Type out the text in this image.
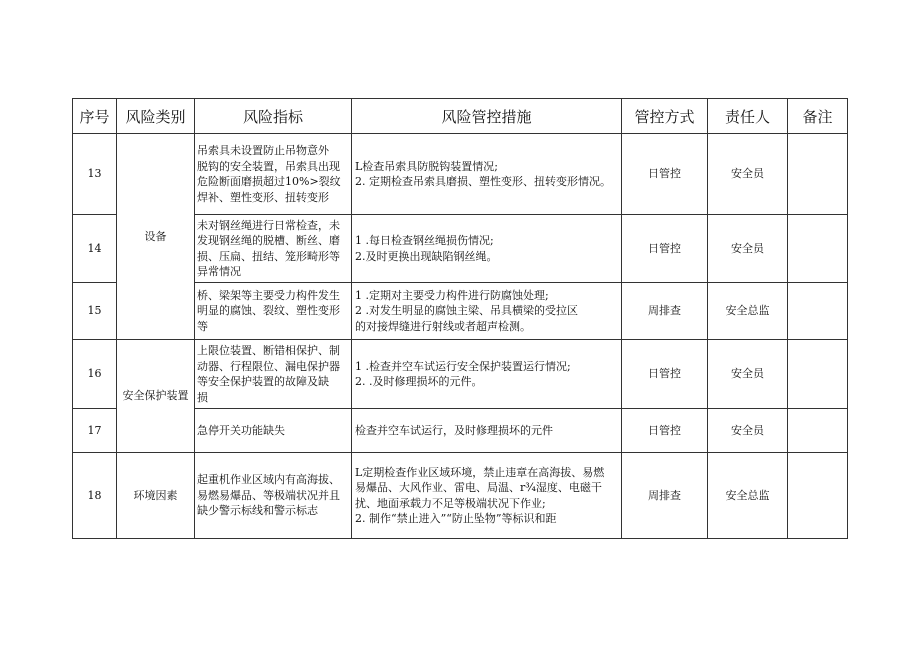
序号	风险类别	风险指标	风险管控措施	管控方式	责任人	备注
13	设备	吊索具未设置防止吊物意外
脱钩的安全装置，吊索具出现
危险断面磨损超过10%>裂纹
焊补、塑性变形、扭转变形	L检查吊索具防脱钩装置情况;
2. 定期检查吊索具磨损、塑性变形、扭转变形情况。	日管控	安全员	
14		未对钢丝绳进行日常检查，未
发现钢丝绳的脱槽、断丝、磨
损、压扁、扭结、笼形畸形等
异常情况	1 .每日检查钢丝绳损伤情况;
2.及时更换出现缺陷钢丝绳。	日管控	安全员	
15		桥、梁架等主要受力构件发生
明显的腐蚀、裂纹、塑性变形
等	1 .定期对主要受力构件进行防腐蚀处理;
2 .对发生明显的腐蚀主梁、吊具横梁的受拉区
的对接焊缝进行射线或者超声检测。	周排查	安全总监	
16	安全保护装置	上限位装置、断错相保护、制
动器、行程限位、漏电保护器
等安全保护装置的故障及缺
损	1 .检查并空车试运行安全保护装置运行情况;
2. .及时修理损坏的元件。	日管控	安全员	
17		急停开关功能缺失	检查并空车试运行，及时修理损坏的元件	日管控	安全员	
18	环境因素	起重机作业区域内有高海拔、
易燃易爆品、等极端状况并且
缺少警示标线和警示标志	L定期检查作业区域环境，禁止违章在高海拔、易燃
易爆品、大风作业、雷电、局温、r¾湿度、电磁干
扰、地面承载力不足等极端状况下作业;
2. 制作“禁止进入”“防止坠物”等标识和距	周排查	安全总监	
